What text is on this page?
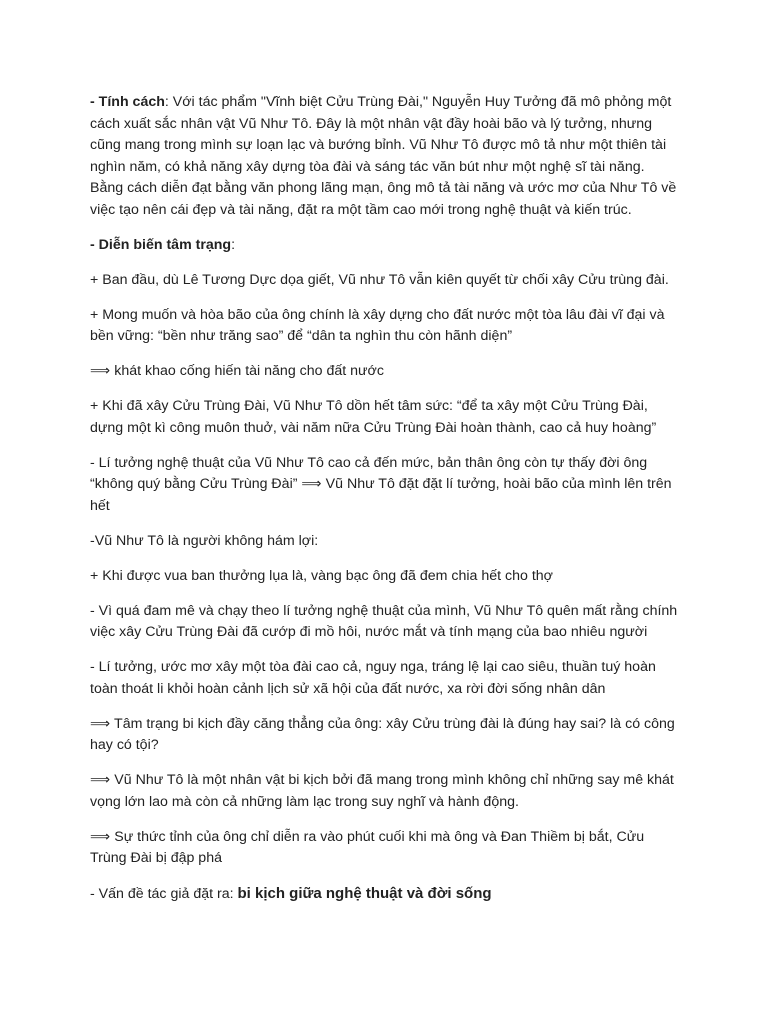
- Tính cách: Với tác phẩm "Vĩnh biệt Cửu Trùng Đài," Nguyễn Huy Tưởng đã mô phỏng một cách xuất sắc nhân vật Vũ Như Tô. Đây là một nhân vật đầy hoài bão và lý tưởng, nhưng cũng mang trong mình sự loạn lạc và bướng bỉnh. Vũ Như Tô được mô tả như một thiên tài nghìn năm, có khả năng xây dựng tòa đài và sáng tác văn bút như một nghệ sĩ tài năng. Bằng cách diễn đạt bằng văn phong lãng mạn, ông mô tả tài năng và ước mơ của Như Tô về việc tạo nên cái đẹp và tài năng, đặt ra một tầm cao mới trong nghệ thuật và kiến trúc.

- Diễn biến tâm trạng:

+ Ban đầu, dù Lê Tương Dực dọa giết, Vũ như Tô vẫn kiên quyết từ chối xây Cửu trùng đài.

+ Mong muốn và hòa bão của ông chính là xây dựng cho đất nước một tòa lâu đài vĩ đại và bền vững: “bền như trăng sao” để “dân ta nghìn thu còn hãnh diện”

⟹ khát khao cống hiến tài năng cho đất nước

+ Khi đã xây Cửu Trùng Đài, Vũ Như Tô dồn hết tâm sức: “để ta xây một Cửu Trùng Đài, dựng một kì công muôn thuở, vài năm nữa Cửu Trùng Đài hoàn thành, cao cả huy hoàng”

- Lí tưởng nghệ thuật của Vũ Như Tô cao cả đến mức, bản thân ông còn tự thấy đời ông “không quý bằng Cửu Trùng Đài” ⟹ Vũ Như Tô đặt đặt lí tưởng, hoài bão của mình lên trên hết

-Vũ Như Tô là người không hám lợi:

+ Khi được vua ban thưởng lụa là, vàng bạc ông đã đem chia hết cho thợ

- Vì quá đam mê và chạy theo lí tưởng nghệ thuật của mình, Vũ Như Tô quên mất rằng chính việc xây Cửu Trùng Đài đã cướp đi mồ hôi, nước mắt và tính mạng của bao nhiêu người

- Lí tưởng, ước mơ xây một tòa đài cao cả, nguy nga, tráng lệ lại cao siêu, thuần tuý hoàn toàn thoát li khỏi hoàn cảnh lịch sử xã hội của đất nước, xa rời đời sống nhân dân

⟹ Tâm trạng bi kịch đầy căng thẳng của ông: xây Cửu trùng đài là đúng hay sai? là có công hay có tội?

⟹ Vũ Như Tô là một nhân vật bi kịch bởi đã mang trong mình không chỉ những say mê khát vọng lớn lao mà còn cả những làm lạc trong suy nghĩ và hành động.

⟹ Sự thức tỉnh của ông chỉ diễn ra vào phút cuối khi mà ông và Đan Thiềm bị bắt, Cửu Trùng Đài bị đập phá

- Vấn đề tác giả đặt ra: bi kịch giữa nghệ thuật và đời sống
